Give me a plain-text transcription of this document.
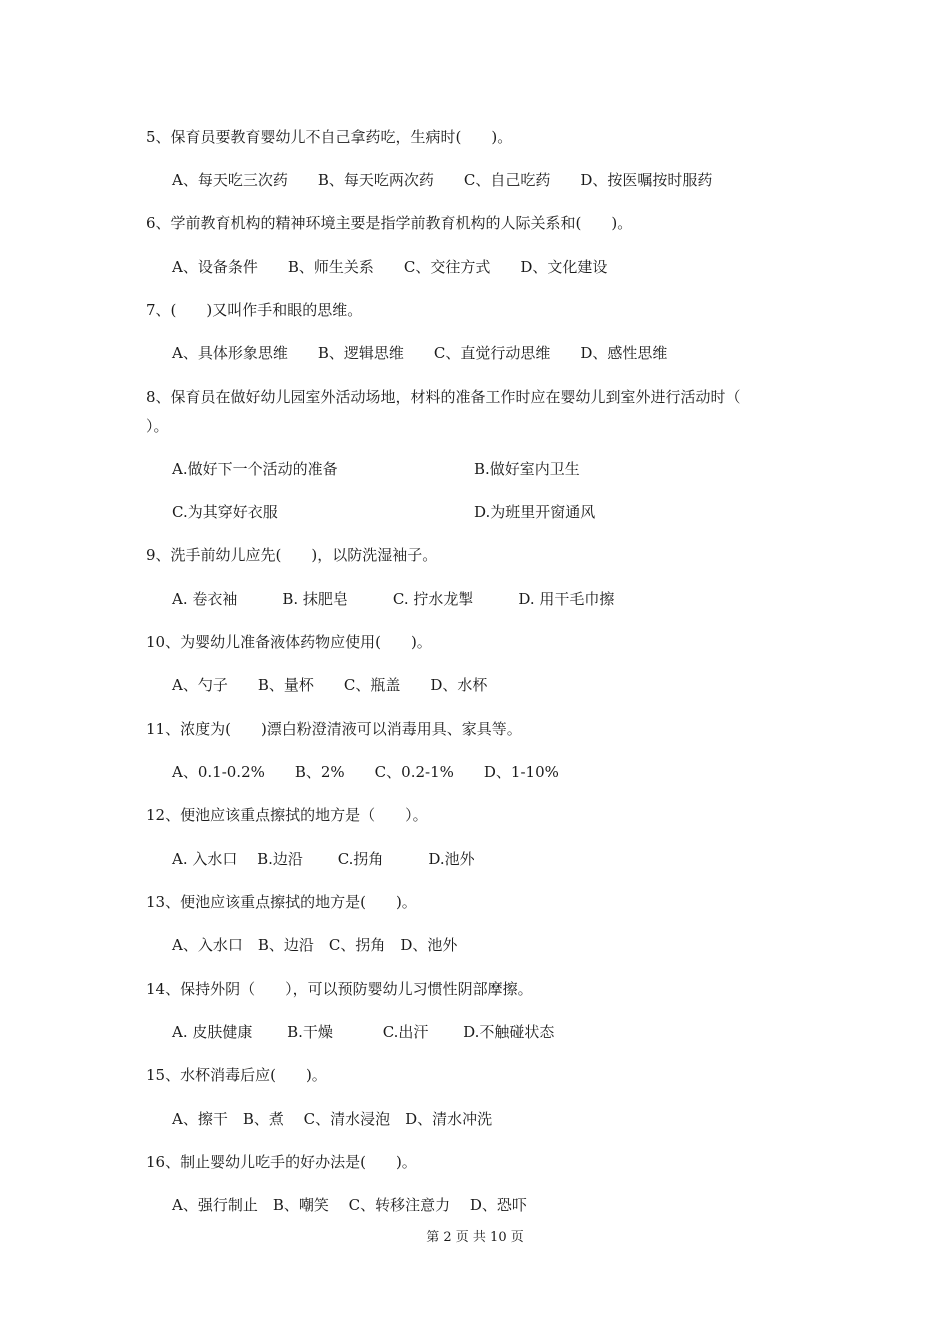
5、保育员要教育婴幼儿不自己拿药吃，生病时(　　)。
A、每天吃三次药　　B、每天吃两次药　　C、自己吃药　　D、按医嘱按时服药
6、学前教育机构的精神环境主要是指学前教育机构的人际关系和(　　)。
A、设备条件　　B、师生关系　　C、交往方式　　D、文化建设
7、(　　)又叫作手和眼的思维。
A、具体形象思维　　B、逻辑思维　　C、直觉行动思维　　D、感性思维
8、保育员在做好幼儿园室外活动场地，材料的准备工作时应在婴幼儿到室外进行活动时（
）。
A.做好下一个活动的准备	B.做好室内卫生
C.为其穿好衣服	D.为班里开窗通风
9、洗手前幼儿应先(　　)，以防洗湿袖子。
A. 卷衣袖　　　B. 抹肥皂　　　C. 拧水龙掣　　　D. 用干毛巾擦
10、为婴幼儿准备液体药物应使用(　　)。
A、勺子　　B、量杯　　C、瓶盖　　D、水杯
11、浓度为(　　)漂白粉澄清液可以消毒用具、家具等。
A、0.1-0.2%　　B、2%　　C、0.2-1%　　D、1-10%
12、便池应该重点擦拭的地方是（　　）。
A. 入水口　 B.边沿　　 C.拐角　　　D.池外
13、便池应该重点擦拭的地方是(　　)。
A、入水口　B、边沿　C、拐角　D、池外
14、保持外阴（　　），可以预防婴幼儿习惯性阴部摩擦。
A. 皮肤健康　　 B.干燥　　　 C.出汗　　 D.不触碰状态
15、水杯消毒后应(　　)。
A、擦干　B、煮　 C、清水浸泡　D、清水冲洗
16、制止婴幼儿吃手的好办法是(　　)。
A、强行制止　B、嘲笑　 C、转移注意力　 D、恐吓
第 2 页 共 10 页
